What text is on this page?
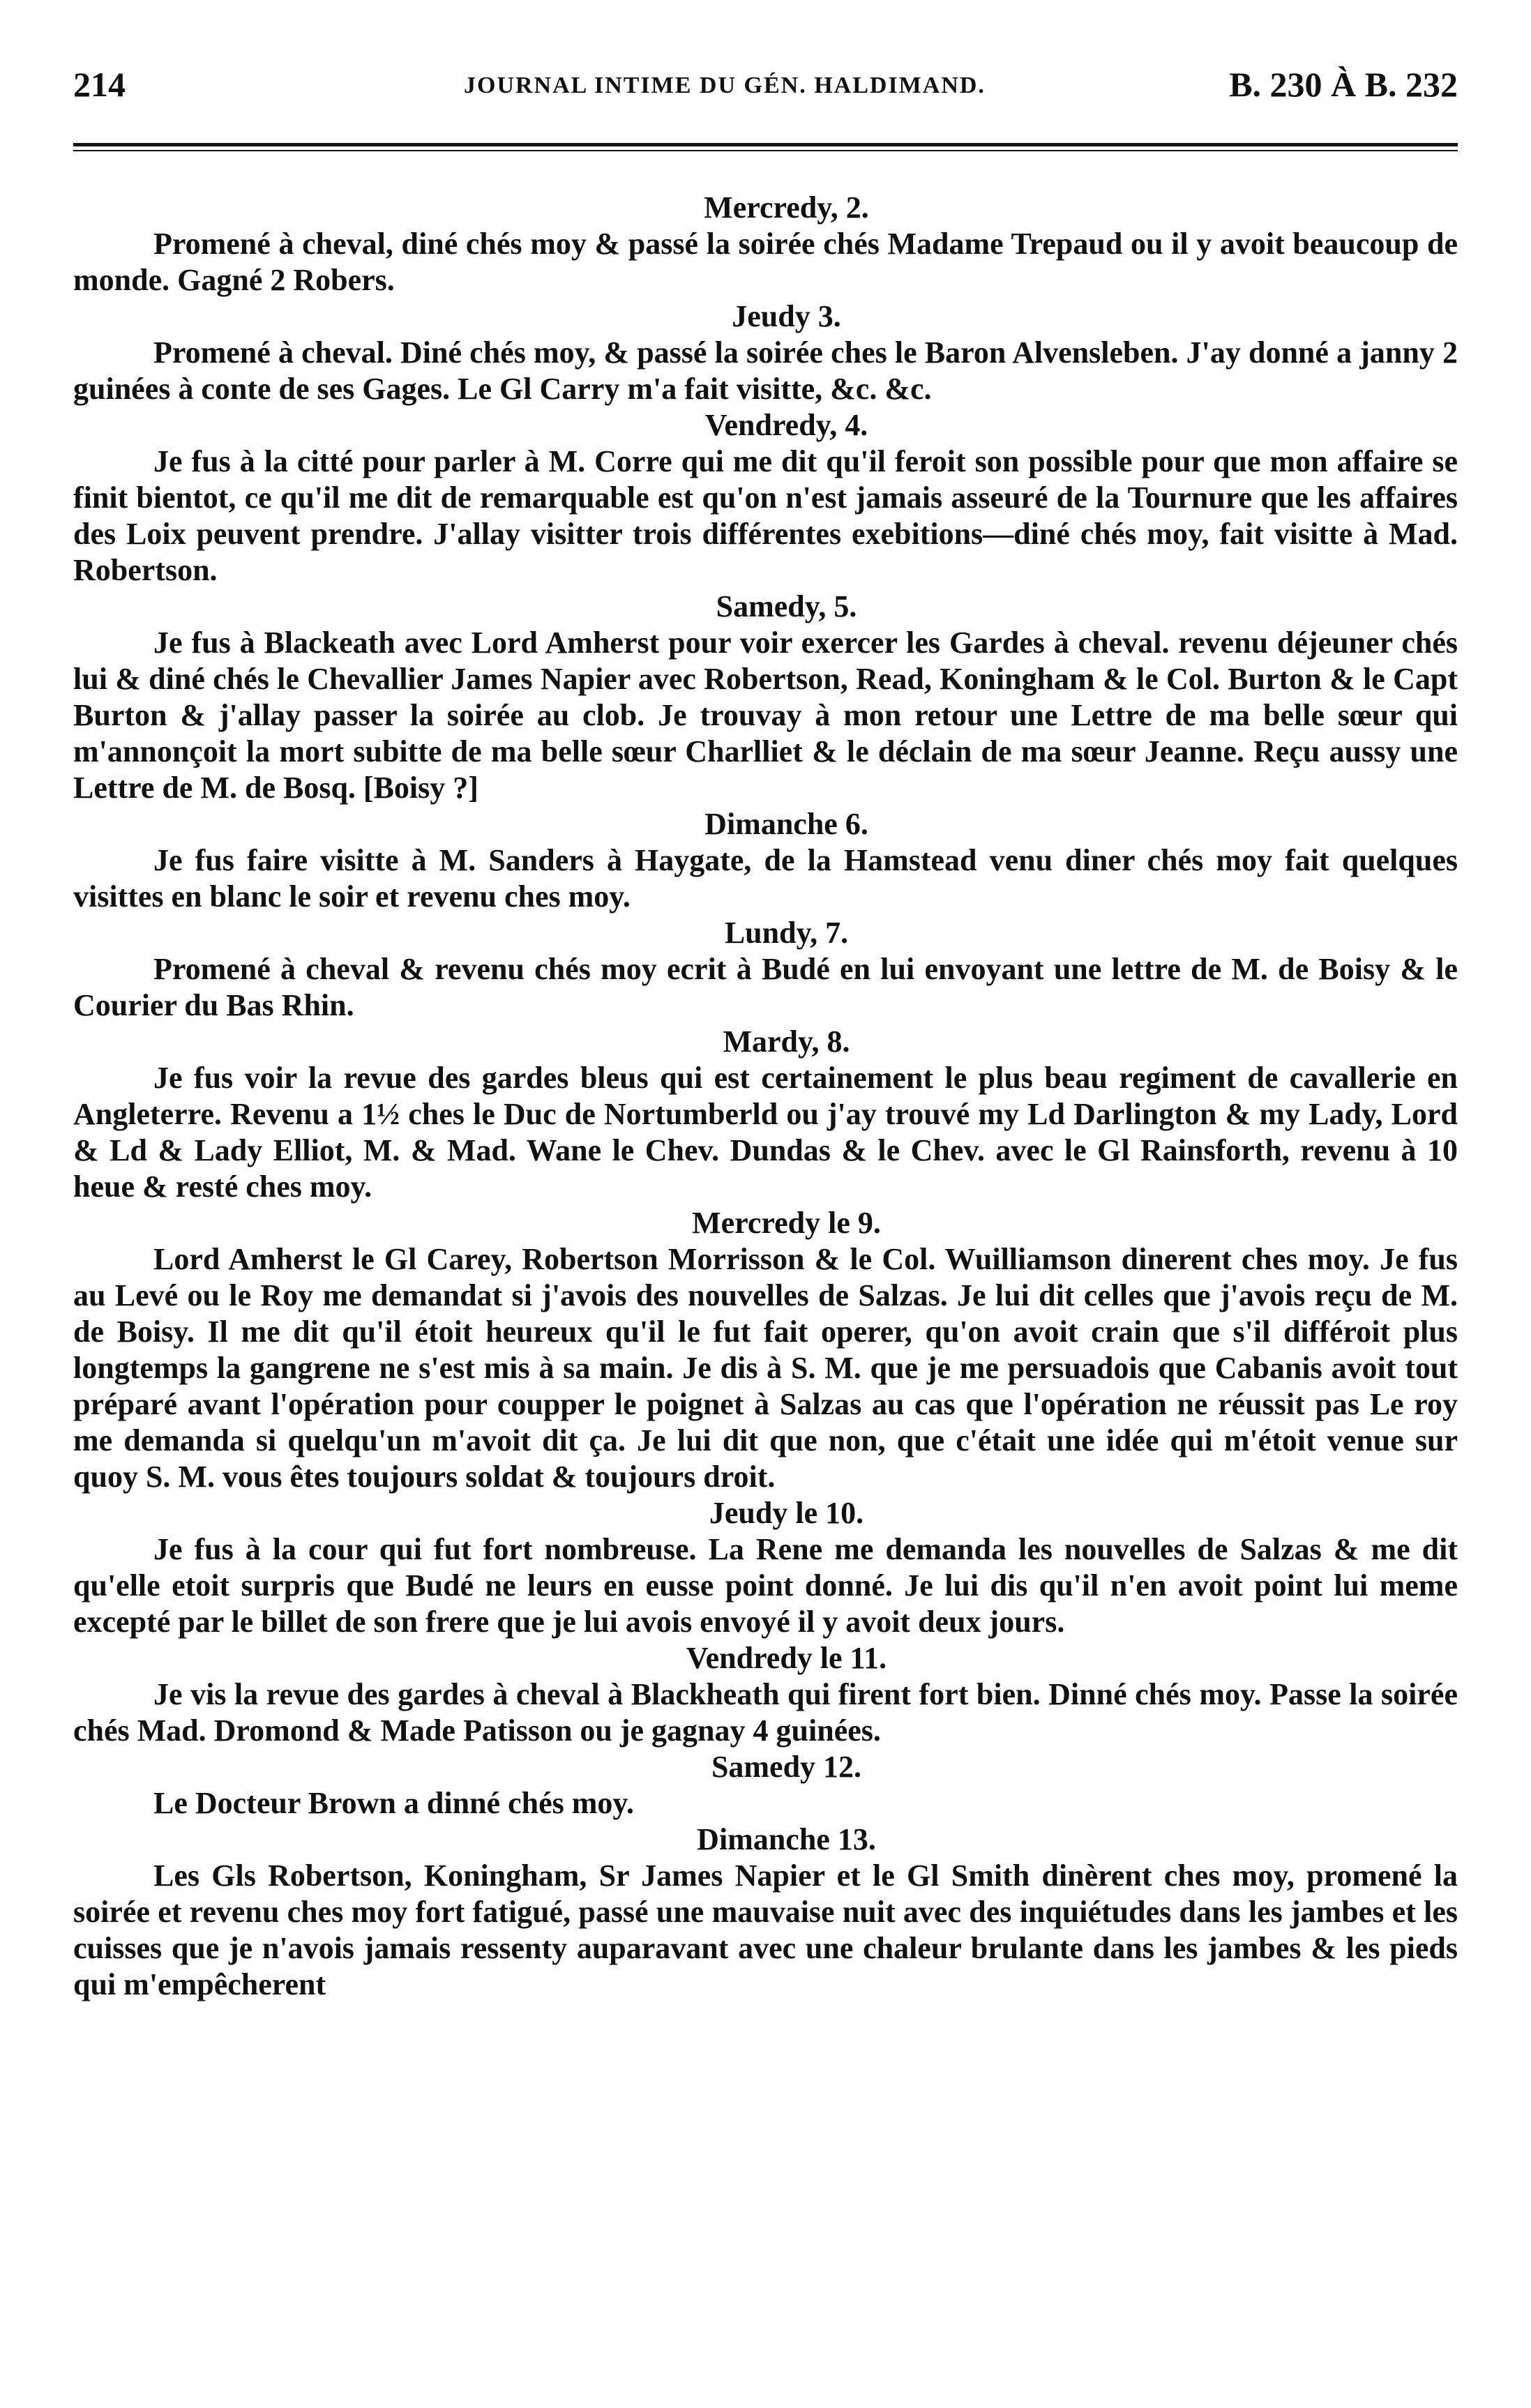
214	JOURNAL INTIME DU GÉN. HALDIMAND.	B. 230 À B. 232
Mercredy, 2.

Promené à cheval, diné chés moy & passé la soirée chés Madame Trepaud ou il y avoit beaucoup de monde. Gagné 2 Robers.

Jeudy 3.

Promené à cheval. Diné chés moy, & passé la soirée ches le Baron Alvensleben. J'ay donné a janny 2 guinées à conte de ses Gages. Le Gl Carry m'a fait visitte, &c. &c.

Vendredy, 4.

Je fus à la citté pour parler à M. Corre qui me dit qu'il feroit son possible pour que mon affaire se finit bientot, ce qu'il me dit de remarquable est qu'on n'est jamais asseuré de la Tournure que les affaires des Loix peuvent prendre. J'allay visitter trois différentes exebitions—diné chés moy, fait visitte à Mad. Robertson.

Samedy, 5.

Je fus à Blackeath avec Lord Amherst pour voir exercer les Gardes à cheval. revenu déjeuner chés lui & diné chés le Chevallier James Napier avec Robertson, Read, Koningham & le Col. Burton & le Capt Burton & j'allay passer la soirée au clob. Je trouvay à mon retour une Lettre de ma belle sœur qui m'annonçoit la mort subitte de ma belle sœur Charlliet & le déclain de ma sœur Jeanne. Reçu aussy une Lettre de M. de Bosq. [Boisy ?]

Dimanche 6.

Je fus faire visitte à M. Sanders à Haygate, de la Hamstead venu diner chés moy fait quelques visittes en blanc le soir et revenu ches moy.

Lundy, 7.

Promené à cheval & revenu chés moy ecrit à Budé en lui envoyant une lettre de M. de Boisy & le Courier du Bas Rhin.

Mardy, 8.

Je fus voir la revue des gardes bleus qui est certainement le plus beau regiment de cavallerie en Angleterre. Revenu a 1½ ches le Duc de Nortumberld ou j'ay trouvé my Ld Darlington & my Lady, Lord & Ld & Lady Elliot, M. & Mad. Wane le Chev. Dundas & le Chev. avec le Gl Rainsforth, revenu à 10 heue & resté ches moy.

Mercredy le 9.

Lord Amherst le Gl Carey, Robertson Morrisson & le Col. Wuilliamson dinerent ches moy. Je fus au Levé ou le Roy me demandat si j'avois des nouvelles de Salzas. Je lui dit celles que j'avois reçu de M. de Boisy. Il me dit qu'il étoit heureux qu'il le fut fait operer, qu'on avoit crain que s'il différoit plus longtemps la gangrene ne s'est mis à sa main. Je dis à S. M. que je me persuadois que Cabanis avoit tout préparé avant l'opération pour coupper le poignet à Salzas au cas que l'opération ne réussit pas Le roy me demanda si quelqu'un m'avoit dit ça. Je lui dit que non, que c'était une idée qui m'étoit venue sur quoy S. M. vous êtes toujours soldat & toujours droit.

Jeudy le 10.

Je fus à la cour qui fut fort nombreuse. La Rene me demanda les nouvelles de Salzas & me dit qu'elle etoit surpris que Budé ne leurs en eusse point donné. Je lui dis qu'il n'en avoit point lui meme excepté par le billet de son frere que je lui avois envoyé il y avoit deux jours.

Vendredy le 11.

Je vis la revue des gardes à cheval à Blackheath qui firent fort bien. Dinné chés moy. Passe la soirée chés Mad. Dromond & Made Patisson ou je gagnay 4 guinées.

Samedy 12.

Le Docteur Brown a dinné chés moy.

Dimanche 13.

Les Gls Robertson, Koningham, Sr James Napier et le Gl Smith dinèrent ches moy, promené la soirée et revenu ches moy fort fatigué, passé une mauvaise nuit avec des inquiétudes dans les jambes et les cuisses que je n'avois jamais ressenty auparavant avec une chaleur brulante dans les jambes & les pieds qui m'empêcherent
